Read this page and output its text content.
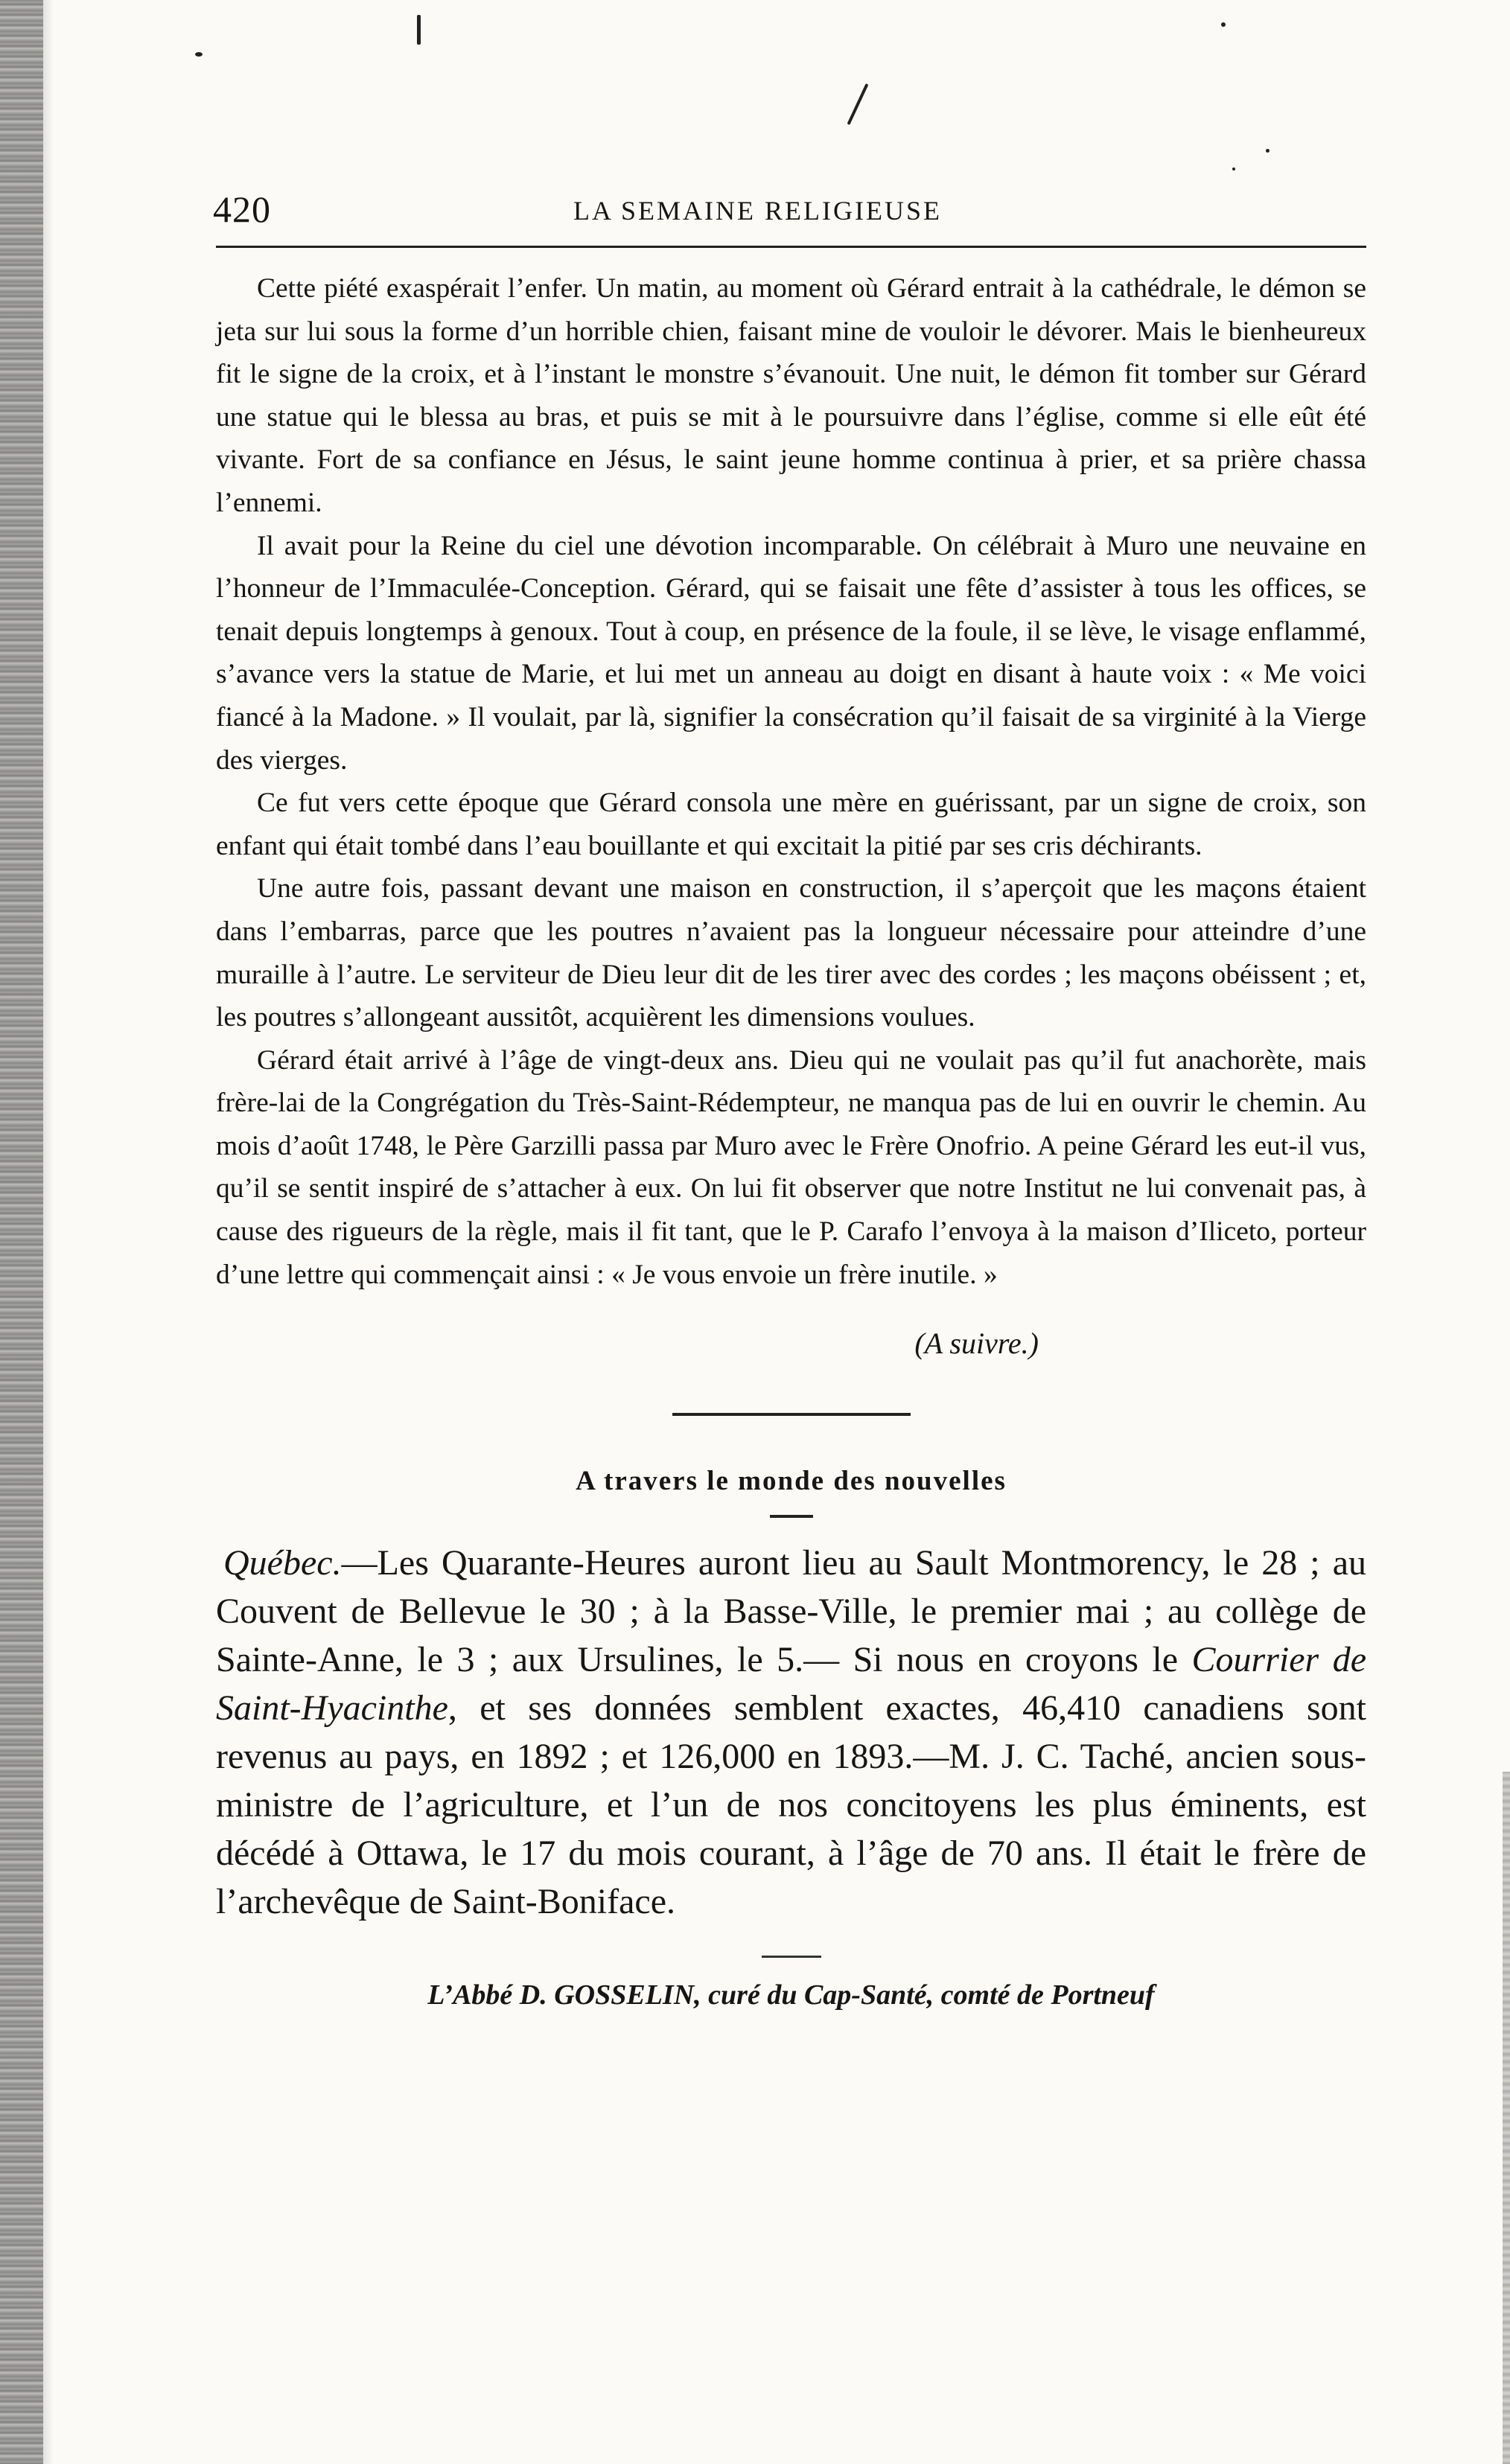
420	LA SEMAINE RELIGIEUSE

Cette piété exaspérait l’enfer. Un matin, au moment où Gérard entrait à la cathédrale, le démon se jeta sur lui sous la forme d’un horrible chien, faisant mine de vouloir le dévorer. Mais le bienheureux fit le signe de la croix, et à l’instant le monstre s’évanouit. Une nuit, le démon fit tomber sur Gérard une statue qui le blessa au bras, et puis se mit à le poursuivre dans l’église, comme si elle eût été vivante. Fort de sa confiance en Jésus, le saint jeune homme continua à prier, et sa prière chassa l’ennemi.

Il avait pour la Reine du ciel une dévotion incomparable. On célébrait à Muro une neuvaine en l’honneur de l’Immaculée-Conception. Gérard, qui se faisait une fête d’assister à tous les offices, se tenait depuis longtemps à genoux. Tout à coup, en présence de la foule, il se lève, le visage enflammé, s’avance vers la statue de Marie, et lui met un anneau au doigt en disant à haute voix : « Me voici fiancé à la Madone. » Il voulait, par là, signifier la consécration qu’il faisait de sa virginité à la Vierge des vierges.

Ce fut vers cette époque que Gérard consola une mère en guérissant, par un signe de croix, son enfant qui était tombé dans l’eau bouillante et qui excitait la pitié par ses cris déchirants.

Une autre fois, passant devant une maison en construction, il s’aperçoit que les maçons étaient dans l’embarras, parce que les poutres n’avaient pas la longueur nécessaire pour atteindre d’une muraille à l’autre. Le serviteur de Dieu leur dit de les tirer avec des cordes ; les maçons obéissent ; et, les poutres s’allongeant aussitôt, acquièrent les dimensions voulues.

Gérard était arrivé à l’âge de vingt-deux ans. Dieu qui ne voulait pas qu’il fut anachorète, mais frère-lai de la Congrégation du Très-Saint-Rédempteur, ne manqua pas de lui en ouvrir le chemin. Au mois d’août 1748, le Père Garzilli passa par Muro avec le Frère Onofrio. A peine Gérard les eut-il vus, qu’il se sentit inspiré de s’attacher à eux. On lui fit observer que notre Institut ne lui convenait pas, à cause des rigueurs de la règle, mais il fit tant, que le P. Carafo l’envoya à la maison d’Iliceto, porteur d’une lettre qui commençait ainsi : « Je vous envoie un frère inutile. »

(A suivre.)
A travers le monde des nouvelles
Québec.—Les Quarante-Heures auront lieu au Sault Montmorency, le 28 ; au Couvent de Bellevue le 30 ; à la Basse-Ville, le premier mai ; au collège de Sainte-Anne, le 3 ; aux Ursulines, le 5.— Si nous en croyons le Courrier de Saint-Hyacinthe, et ses données semblent exactes, 46,410 canadiens sont revenus au pays, en 1892 ; et 126,000 en 1893.—M. J. C. Taché, ancien sous-ministre de l’agriculture, et l’un de nos concitoyens les plus éminents, est décédé à Ottawa, le 17 du mois courant, à l’âge de 70 ans. Il était le frère de l’archevêque de Saint-Boniface.
L’Abbé D. GOSSELIN, curé du Cap-Santé, comté de Portneuf
